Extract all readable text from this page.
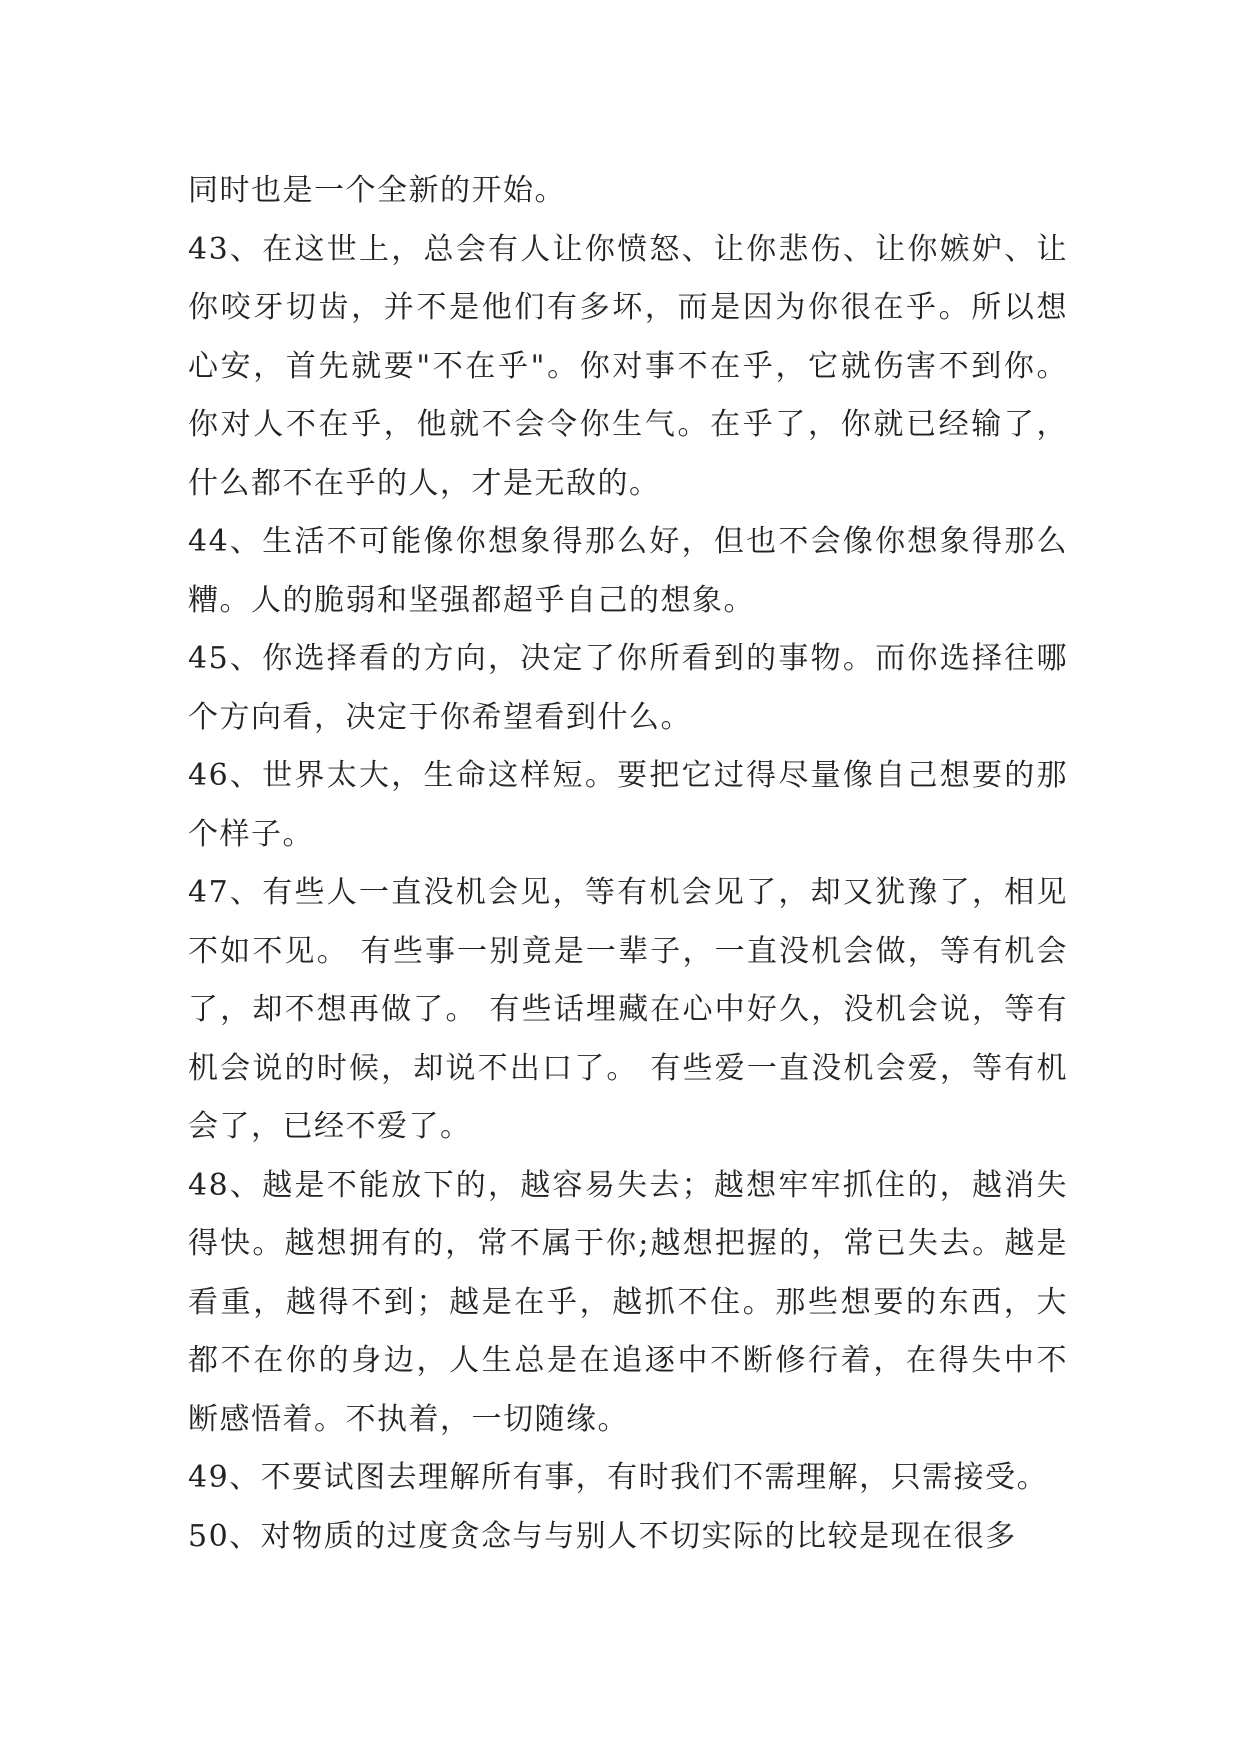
同时也是一个全新的开始。

43、在这世上，总会有人让你愤怒、让你悲伤、让你嫉妒、让你咬牙切齿，并不是他们有多坏，而是因为你很在乎。所以想心安，首先就要"不在乎"。你对事不在乎，它就伤害不到你。你对人不在乎，他就不会令你生气。在乎了，你就已经输了，什么都不在乎的人，才是无敌的。

44、生活不可能像你想象得那么好，但也不会像你想象得那么糟。人的脆弱和坚强都超乎自己的想象。

45、你选择看的方向，决定了你所看到的事物。而你选择往哪个方向看，决定于你希望看到什么。

46、世界太大，生命这样短。要把它过得尽量像自己想要的那个样子。

47、有些人一直没机会见，等有机会见了，却又犹豫了，相见不如不见。 有些事一别竟是一辈子，一直没机会做，等有机会了，却不想再做了。 有些话埋藏在心中好久，没机会说，等有机会说的时候，却说不出口了。 有些爱一直没机会爱，等有机会了，已经不爱了。

48、越是不能放下的，越容易失去；越想牢牢抓住的，越消失得快。越想拥有的，常不属于你;越想把握的，常已失去。越是看重，越得不到；越是在乎，越抓不住。那些想要的东西，大都不在你的身边，人生总是在追逐中不断修行着，在得失中不断感悟着。不执着，一切随缘。

49、不要试图去理解所有事，有时我们不需理解，只需接受。

50、对物质的过度贪念与与别人不切实际的比较是现在很多
